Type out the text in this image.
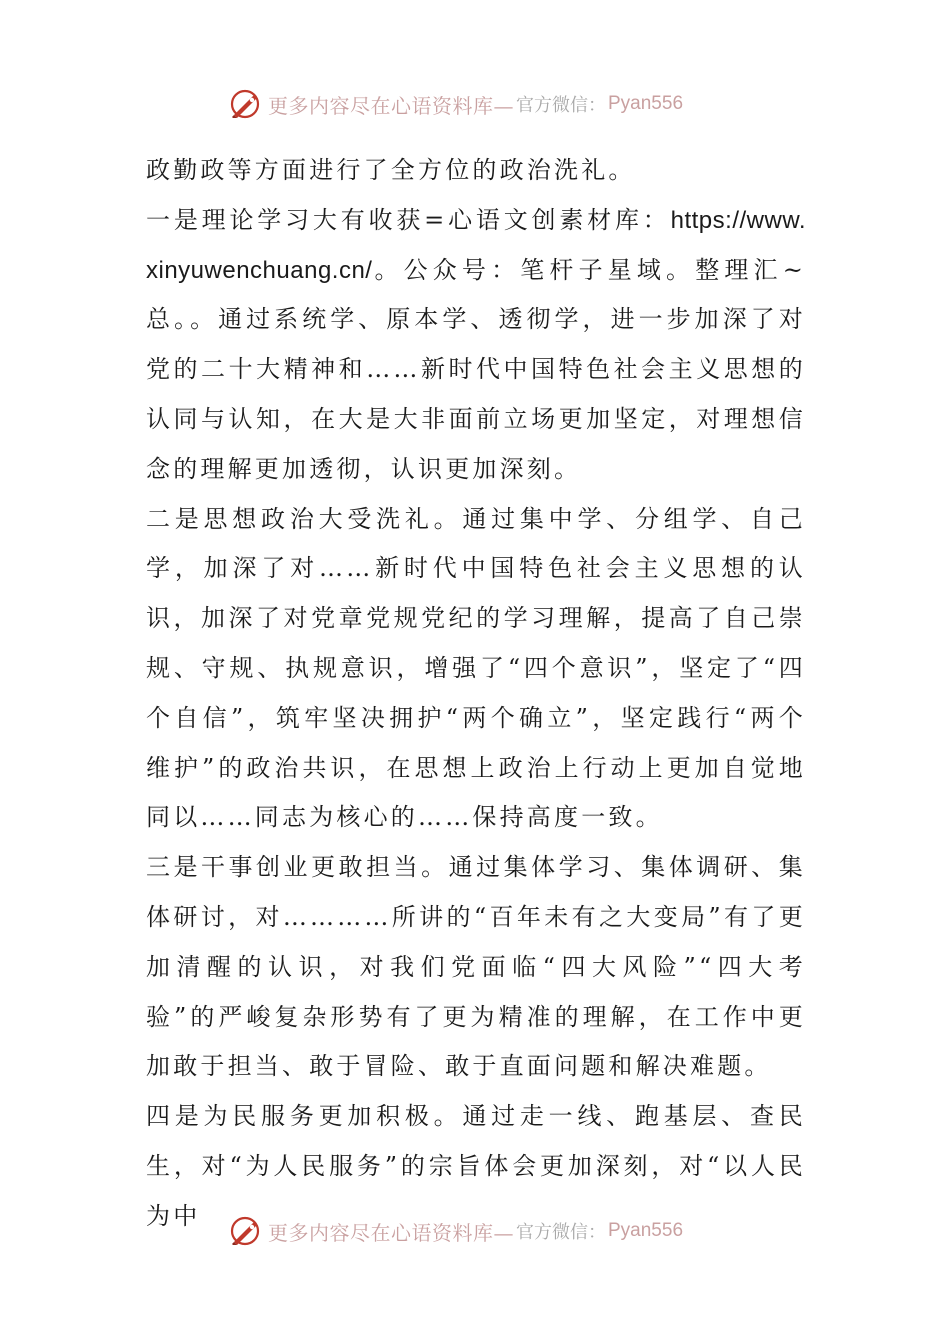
更多内容尽在心语资料库— 官方微信： Pyan556

政勤政等方面进行了全方位的政治洗礼。

一是理论学习大有收获=心语文创素材库：https://www.xinyuwenchuang.cn/。公众号：笔杆子星域。整理汇~总。。通过系统学、原本学、透彻学，进一步加深了对党的二十大精神和……新时代中国特色社会主义思想的认同与认知，在大是大非面前立场更加坚定，对理想信念的理解更加透彻，认识更加深刻。

二是思想政治大受洗礼。通过集中学、分组学、自己学，加深了对……新时代中国特色社会主义思想的认识，加深了对党章党规党纪的学习理解，提高了自己崇规、守规、执规意识，增强了“四个意识”，坚定了“四个自信”，筑牢坚决拥护“两个确立”，坚定践行“两个维护”的政治共识，在思想上政治上行动上更加自觉地同以……同志为核心的……保持高度一致。

三是干事创业更敢担当。通过集体学习、集体调研、集体研讨，对…………所讲的“百年未有之大变局”有了更加清醒的认识，对我们党面临“四大风险”“四大考验”的严峻复杂形势有了更为精准的理解，在工作中更加敢于担当、敢于冒险、敢于直面问题和解决难题。

四是为民服务更加积极。通过走一线、跑基层、查民生，对“为人民服务”的宗旨体会更加深刻，对“以人民为中

更多内容尽在心语资料库— 官方微信： Pyan556
